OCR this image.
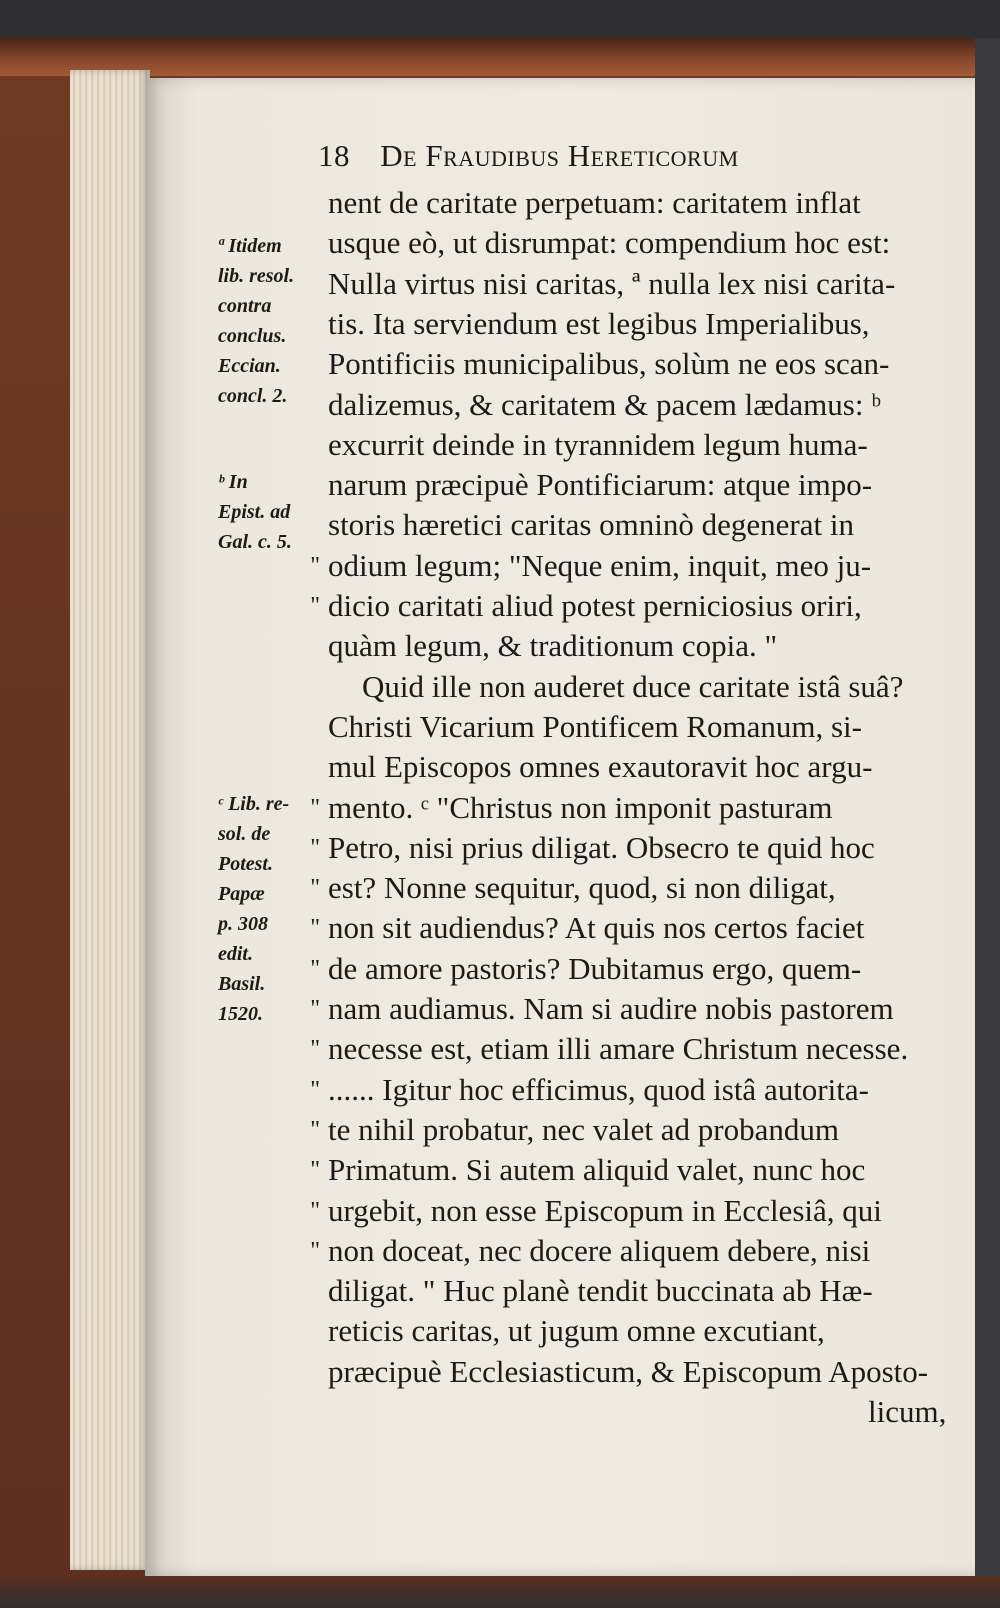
18 De Fraudibus Hereticorum
nent de caritate perpetuam: caritatem inflat
usque eò, ut disrumpat: compendium hoc est:
Nulla virtus nisi caritas, ª nulla lex nisi carita-
tis. Ita serviendum est legibus Imperialibus,
Pontificiis municipalibus, solùm ne eos scan-
dalizemus, & caritatem & pacem lædamus: ᵇ
excurrit deinde in tyrannidem legum huma-
narum præcipuè Pontificiarum: atque impo-
storis hæretici caritas omninò degenerat in
odium legum; "Neque enim, inquit, meo ju-
dicio caritati aliud potest perniciosius oriri,
quàm legum, & traditionum copia. "
Quid ille non auderet duce caritate istâ suâ?
Christi Vicarium Pontificem Romanum, si-
mul Episcopos omnes exautoravit hoc argu-
mento. ᶜ "Christus non imponit pasturam
Petro, nisi prius diligat. Obsecro te quid hoc
est? Nonne sequitur, quod, si non diligat,
non sit audiendus? At quis nos certos faciet
de amore pastoris? Dubitamus ergo, quem-
nam audiamus. Nam si audire nobis pastorem
necesse est, etiam illi amare Christum necesse.
...... Igitur hoc efficimus, quod istâ autorita-
te nihil probatur, nec valet ad probandum
Primatum. Si autem aliquid valet, nunc hoc
urgebit, non esse Episcopum in Ecclesiâ, qui
non doceat, nec docere aliquem debere, nisi
diligat. " Huc planè tendit buccinata ab Hæ-
reticis caritas, ut jugum omne excutiant,
præcipuè Ecclesiasticum, & Episcopum Aposto-
licum,
"
"
"
"
"
"
"
"
"
"
"
"
"
"
ª Itidem
lib. resol.
contra
conclus.
Eccian.
concl. 2.
ᵇ In
Epist. ad
Gal. c. 5.
ᶜ Lib. re-
sol. de
Potest.
Papæ
p. 308
edit.
Basil.
1520.
